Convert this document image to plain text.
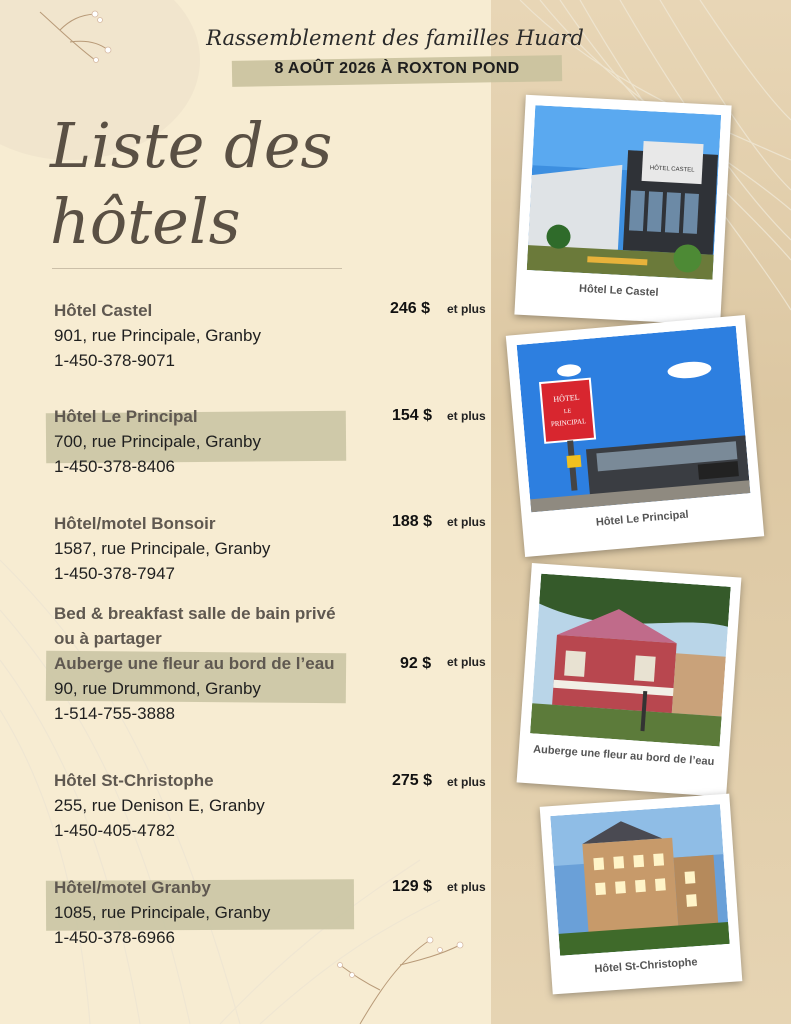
Rassemblement des familles Huard
8 AOÛT 2026 À ROXTON POND
Liste des
hôtels
Hôtel Castel
901, rue Principale, Granby
1-450-378-9071
246 $ et plus
Hôtel Le Principal
700, rue Principale, Granby
1-450-378-8406
154 $ et plus
Hôtel/motel Bonsoir
1587, rue Principale, Granby
1-450-378-7947
188 $ et plus
Bed & breakfast salle de bain privé
ou à partager
Auberge une fleur au bord de l’eau
90, rue Drummond, Granby
1-514-755-3888
92 $ et plus
Hôtel St-Christophe
255, rue Denison E, Granby
1-450-405-4782
275 $ et plus
Hôtel/motel Granby
1085, rue Principale, Granby
1-450-378-6966
129 $ et plus
HÔTEL CASTEL
Hôtel Le Castel
HÔTEL
LE
PRINCIPAL
Hôtel Le Principal
Auberge une fleur au bord de l’eau
Hôtel St-Christophe
